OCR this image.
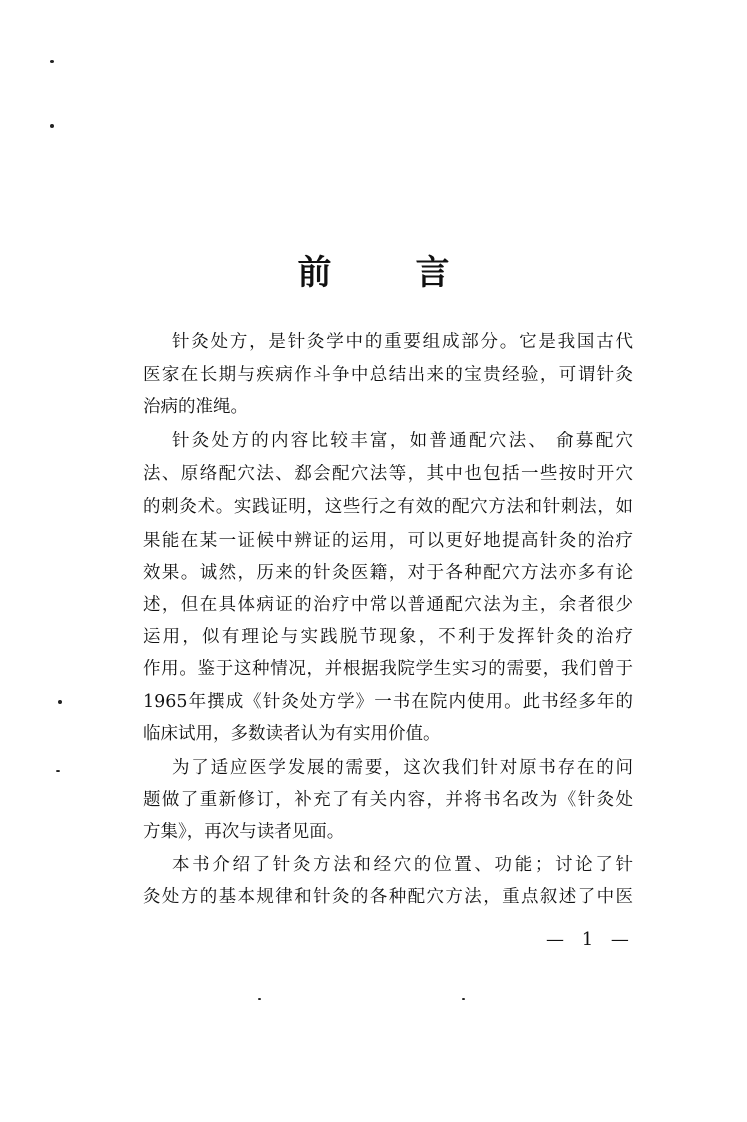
前 言
针灸处方，是针灸学中的重要组成部分。它是我国古代
医家在长期与疾病作斗争中总结出来的宝贵经验，可谓针灸
治病的准绳。
针灸处方的内容比较丰富，如普通配穴法、 俞募配穴
法、原络配穴法、郄会配穴法等，其中也包括一些按时开穴
的刺灸术。实践证明，这些行之有效的配穴方法和针刺法，如
果能在某一证候中辨证的运用，可以更好地提高针灸的治疗
效果。诚然，历来的针灸医籍，对于各种配穴方法亦多有论
述，但在具体病证的治疗中常以普通配穴法为主，余者很少
运用，似有理论与实践脱节现象，不利于发挥针灸的治疗
作用。鉴于这种情况，并根据我院学生实习的需要，我们曾于
1965年撰成《针灸处方学》一书在院内使用。此书经多年的
临床试用，多数读者认为有实用价值。
为了适应医学发展的需要，这次我们针对原书存在的问
题做了重新修订，补充了有关内容，并将书名改为《针灸处
方集》，再次与读者见面。
本书介绍了针灸方法和经穴的位置、功能；讨论了针
灸处方的基本规律和针灸的各种配穴方法，重点叙述了中医
— 1 —
